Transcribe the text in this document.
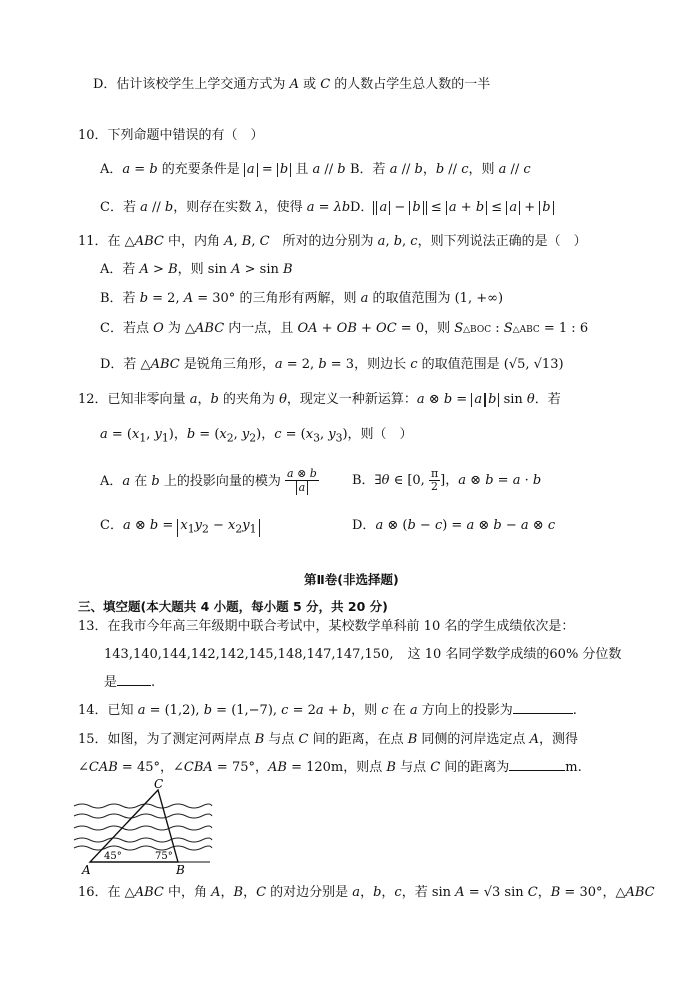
D．估计该校学生上学交通方式为 A 或 C 的人数占学生总人数的一半
10．下列命题中错误的有（　）
A．a = b 的充要条件是 a = b 且 a // b B．若 a // b，b // c，则 a // c
C．若 a // b，则存在实数 λ，使得 a = λb D． a − b ≤ a + b ≤ a + b
11．在 △ABC 中，内角 A, B, C　所对的边分别为 a, b, c，则下列说法正确的是（　）
A．若 A > B，则 sin A > sin B
B．若 b = 2, A = 30° 的三角形有两解，则 a 的取值范围为 (1, +∞)
C．若点 O 为 △ABC 内一点，且 OA + OB + OC = 0，则 S△BOC : S△ABC = 1 : 6
D．若 △ABC 是锐角三角形，a = 2, b = 3，则边长 c 的取值范围是 (√5, √13)
12．已知非零向量 a，b 的夹角为 θ，现定义一种新运算：a ⊗ b = a b sin θ．若
$a = (x_1$, $y_1$)，$b = (x_2$, $y_2$)，$c = (x_3$, $y_3$)，则（　）
A．a 在 b 上的投影向量的模为 $\frac{a \otimes b}{a}$	B．∃θ ∈ [0, $\frac{\pi}{2}$ ]，a ⊗ b = a · b
C．a ⊗ $b = x_1y_2 - x_2y_1$	D．a ⊗ (b − c) = a ⊗ b − a ⊗ c
第Ⅱ卷(非选择题)
三、填空题(本大题共 4 小题，每小题 5 分，共 20 分)
13．在我市今年高三年级期中联合考试中，某校数学单科前 10 名的学生成绩依次是：
143,140,144,142,142,145,148,147,147,150, 这 10 名同学数学成绩的60% 分位数
是	.
14．已知 a = (1,2), b = (1,−7), c = 2a + b，则 c 在 a 方向上的投影为	.
15．如图，为了测定河两岸点 B 与点 C 间的距离，在点 B 同侧的河岸选定点 A，测得
∠CAB = 45°，∠CBA = 75°，AB = 120m，则点 B 与点 C 间的距离为	m.
C
A	B
45°	75°
16．在 △ABC 中，角 A，B，C 的对边分别是 a，b，c，若 sin A = √3 sin C，B = 30°，△ABC
